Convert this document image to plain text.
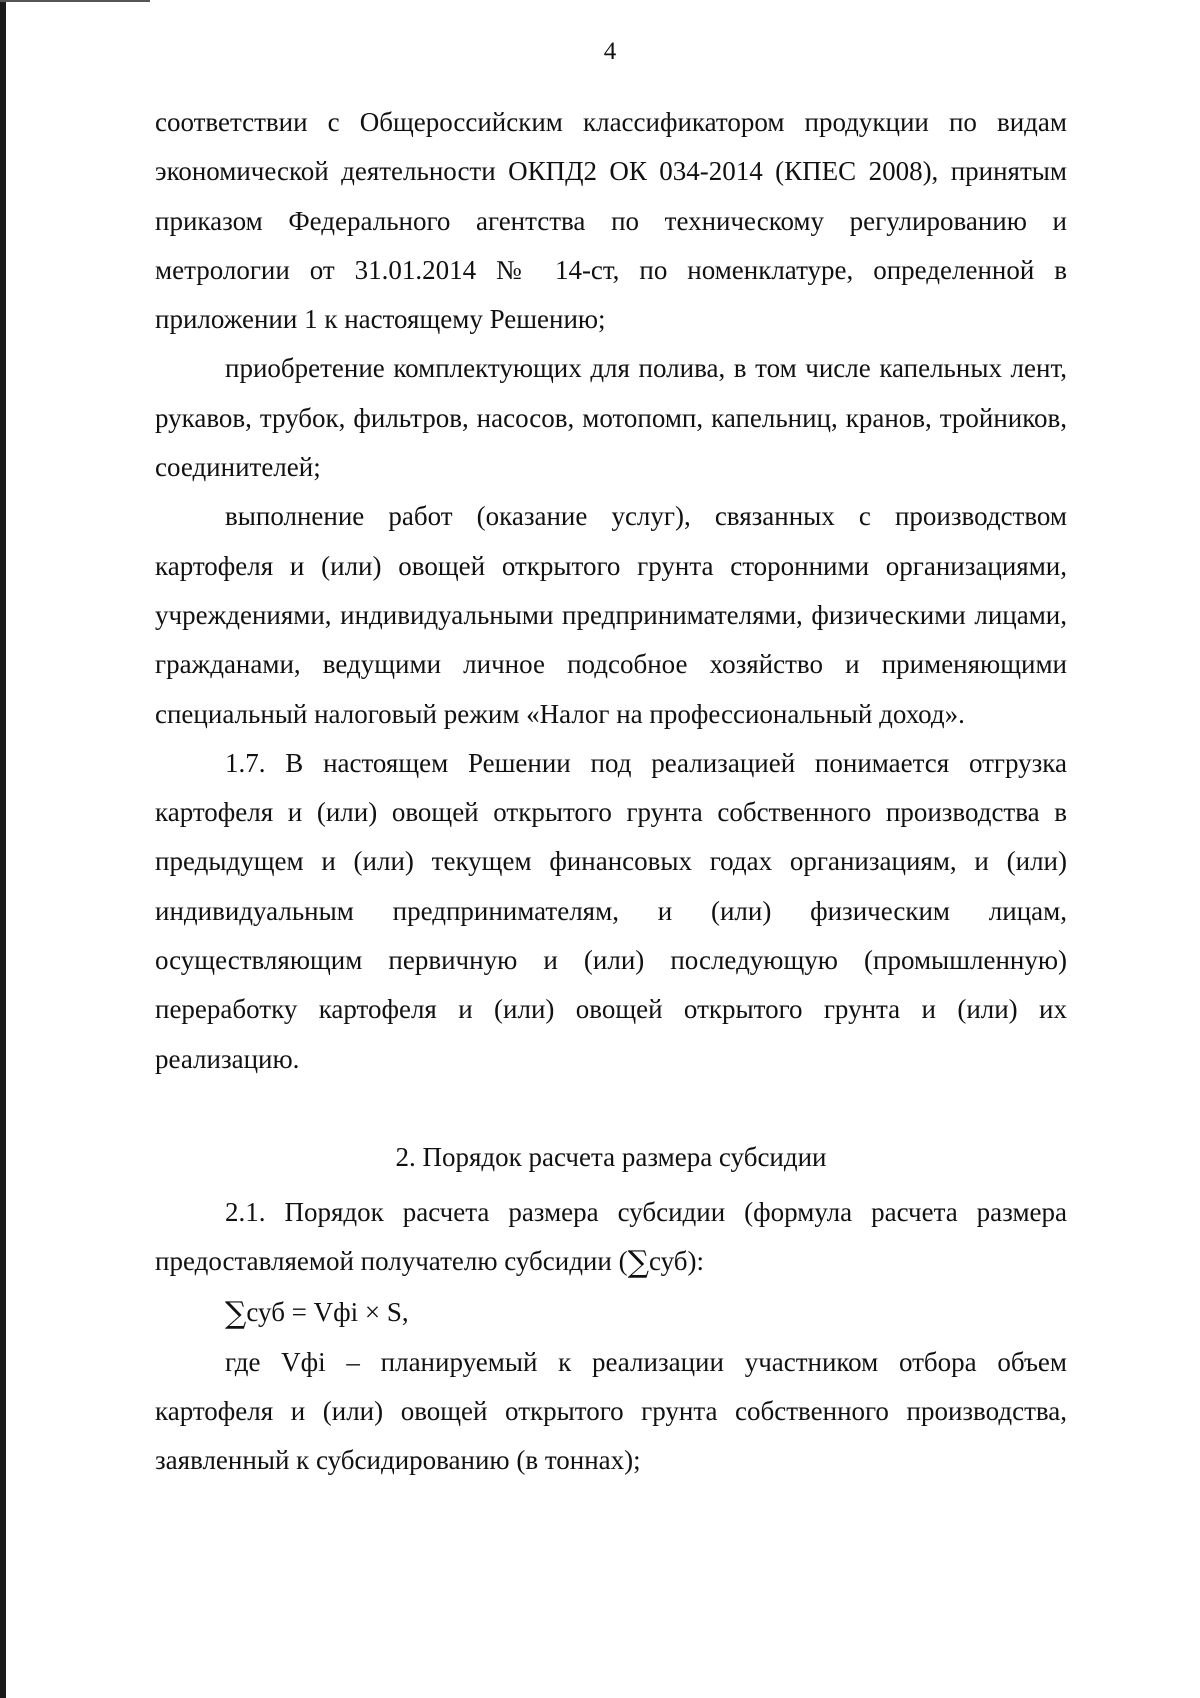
4

соответствии с Общероссийским классификатором продукции по видам экономической деятельности ОКПД2 ОК 034-2014 (КПЕС 2008), принятым приказом Федерального агентства по техническому регулированию и метрологии от 31.01.2014 № 14-ст, по номенклатуре, определенной в приложении 1 к настоящему Решению;

приобретение комплектующих для полива, в том числе капельных лент, рукавов, трубок, фильтров, насосов, мотопомп, капельниц, кранов, тройников, соединителей;

выполнение работ (оказание услуг), связанных с производством картофеля и (или) овощей открытого грунта сторонними организациями, учреждениями, индивидуальными предпринимателями, физическими лицами, гражданами, ведущими личное подсобное хозяйство и применяющими специальный налоговый режим «Налог на профессиональный доход».

1.7. В настоящем Решении под реализацией понимается отгрузка картофеля и (или) овощей открытого грунта собственного производства в предыдущем и (или) текущем финансовых годах организациям, и (или) индивидуальным предпринимателям, и (или) физическим лицам, осуществляющим первичную и (или) последующую (промышленную) переработку картофеля и (или) овощей открытого грунта и (или) их реализацию.

2. Порядок расчета размера субсидии

2.1. Порядок расчета размера субсидии (формула расчета размера предоставляемой получателю субсидии (∑суб):

∑суб = Vфi × S,

где Vфi – планируемый к реализации участником отбора объем картофеля и (или) овощей открытого грунта собственного производства, заявленный к субсидированию (в тоннах);
